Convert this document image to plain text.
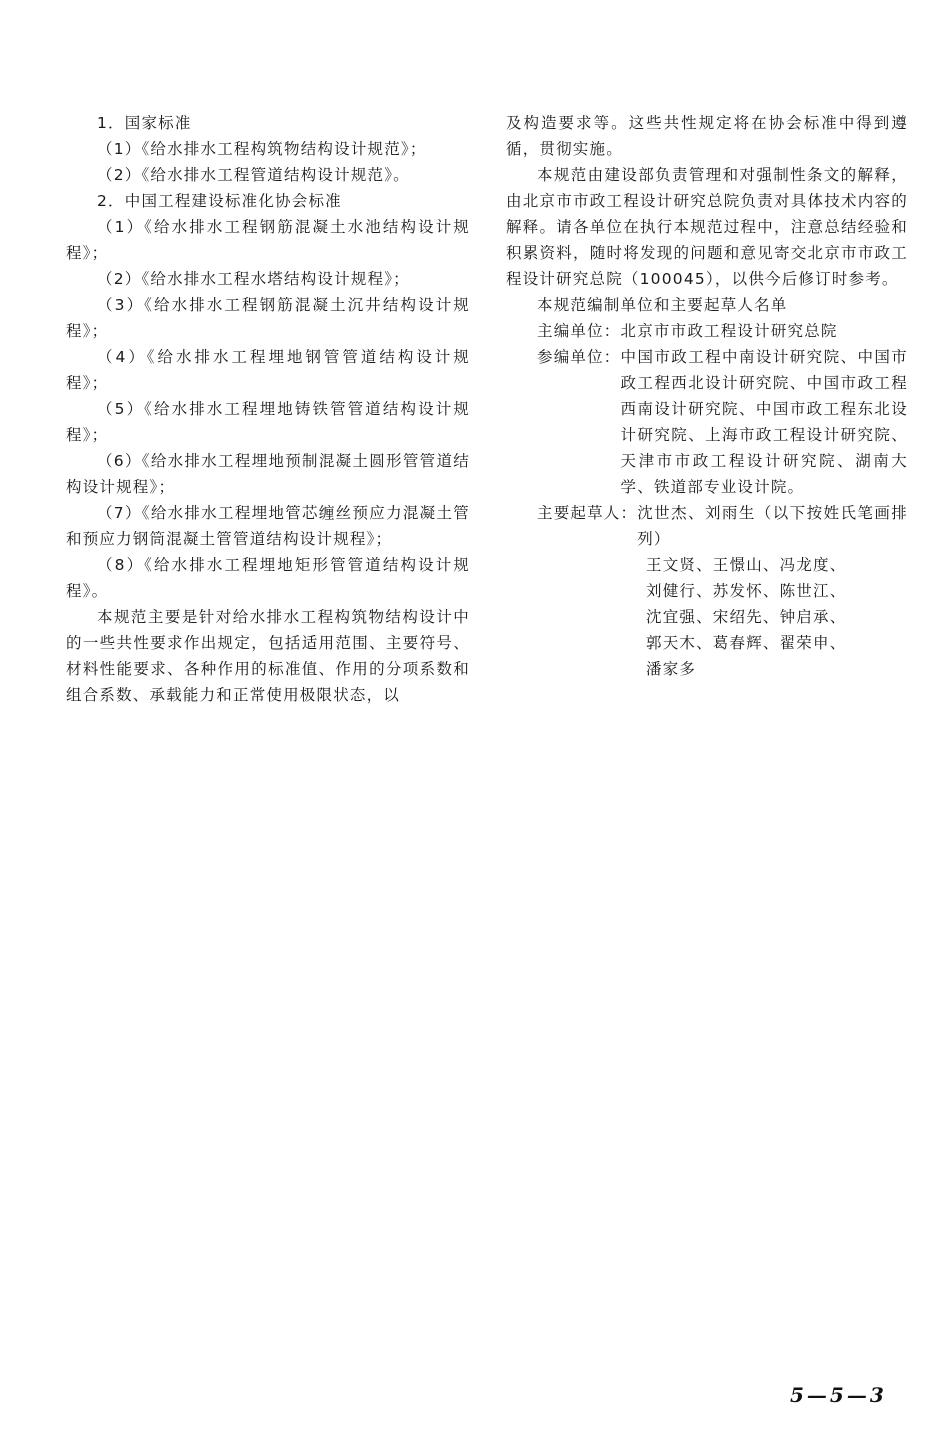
1．国家标准

（1）《给水排水工程构筑物结构设计规范》；

（2）《给水排水工程管道结构设计规范》。

2．中国工程建设标准化协会标准

（1）《给水排水工程钢筋混凝土水池结构设计规程》；

（2）《给水排水工程水塔结构设计规程》；

（3）《给水排水工程钢筋混凝土沉井结构设计规程》；

（4）《给水排水工程埋地钢管管道结构设计规程》；

（5）《给水排水工程埋地铸铁管管道结构设计规程》；

（6）《给水排水工程埋地预制混凝土圆形管管道结构设计规程》；

（7）《给水排水工程埋地管芯缠丝预应力混凝土管和预应力钢筒混凝土管管道结构设计规程》；

（8）《给水排水工程埋地矩形管管道结构设计规程》。

本规范主要是针对给水排水工程构筑物结构设计中的一些共性要求作出规定，包括适用范围、主要符号、材料性能要求、各种作用的标准值、作用的分项系数和组合系数、承载能力和正常使用极限状态，以

及构造要求等。这些共性规定将在协会标准中得到遵循，贯彻实施。

本规范由建设部负责管理和对强制性条文的解释，由北京市市政工程设计研究总院负责对具体技术内容的解释。请各单位在执行本规范过程中，注意总结经验和积累资料，随时将发现的问题和意见寄交北京市市政工程设计研究总院（100045），以供今后修订时参考。

本规范编制单位和主要起草人名单

主编单位： 北京市市政工程设计研究总院
参编单位： 中国市政工程中南设计研究院、中国市政工程西北设计研究院、中国市政工程西南设计研究院、中国市政工程东北设计研究院、上海市政工程设计研究院、天津市市政工程设计研究院、湖南大学、铁道部专业设计院。
主要起草人： 沈世杰、刘雨生（以下按姓氏笔画排列）
王文贤、王憬山、冯龙度、
刘健行、苏发怀、陈世江、
沈宜强、宋绍先、钟启承、
郭天木、葛春辉、翟荣申、
潘家多
5—5—3
